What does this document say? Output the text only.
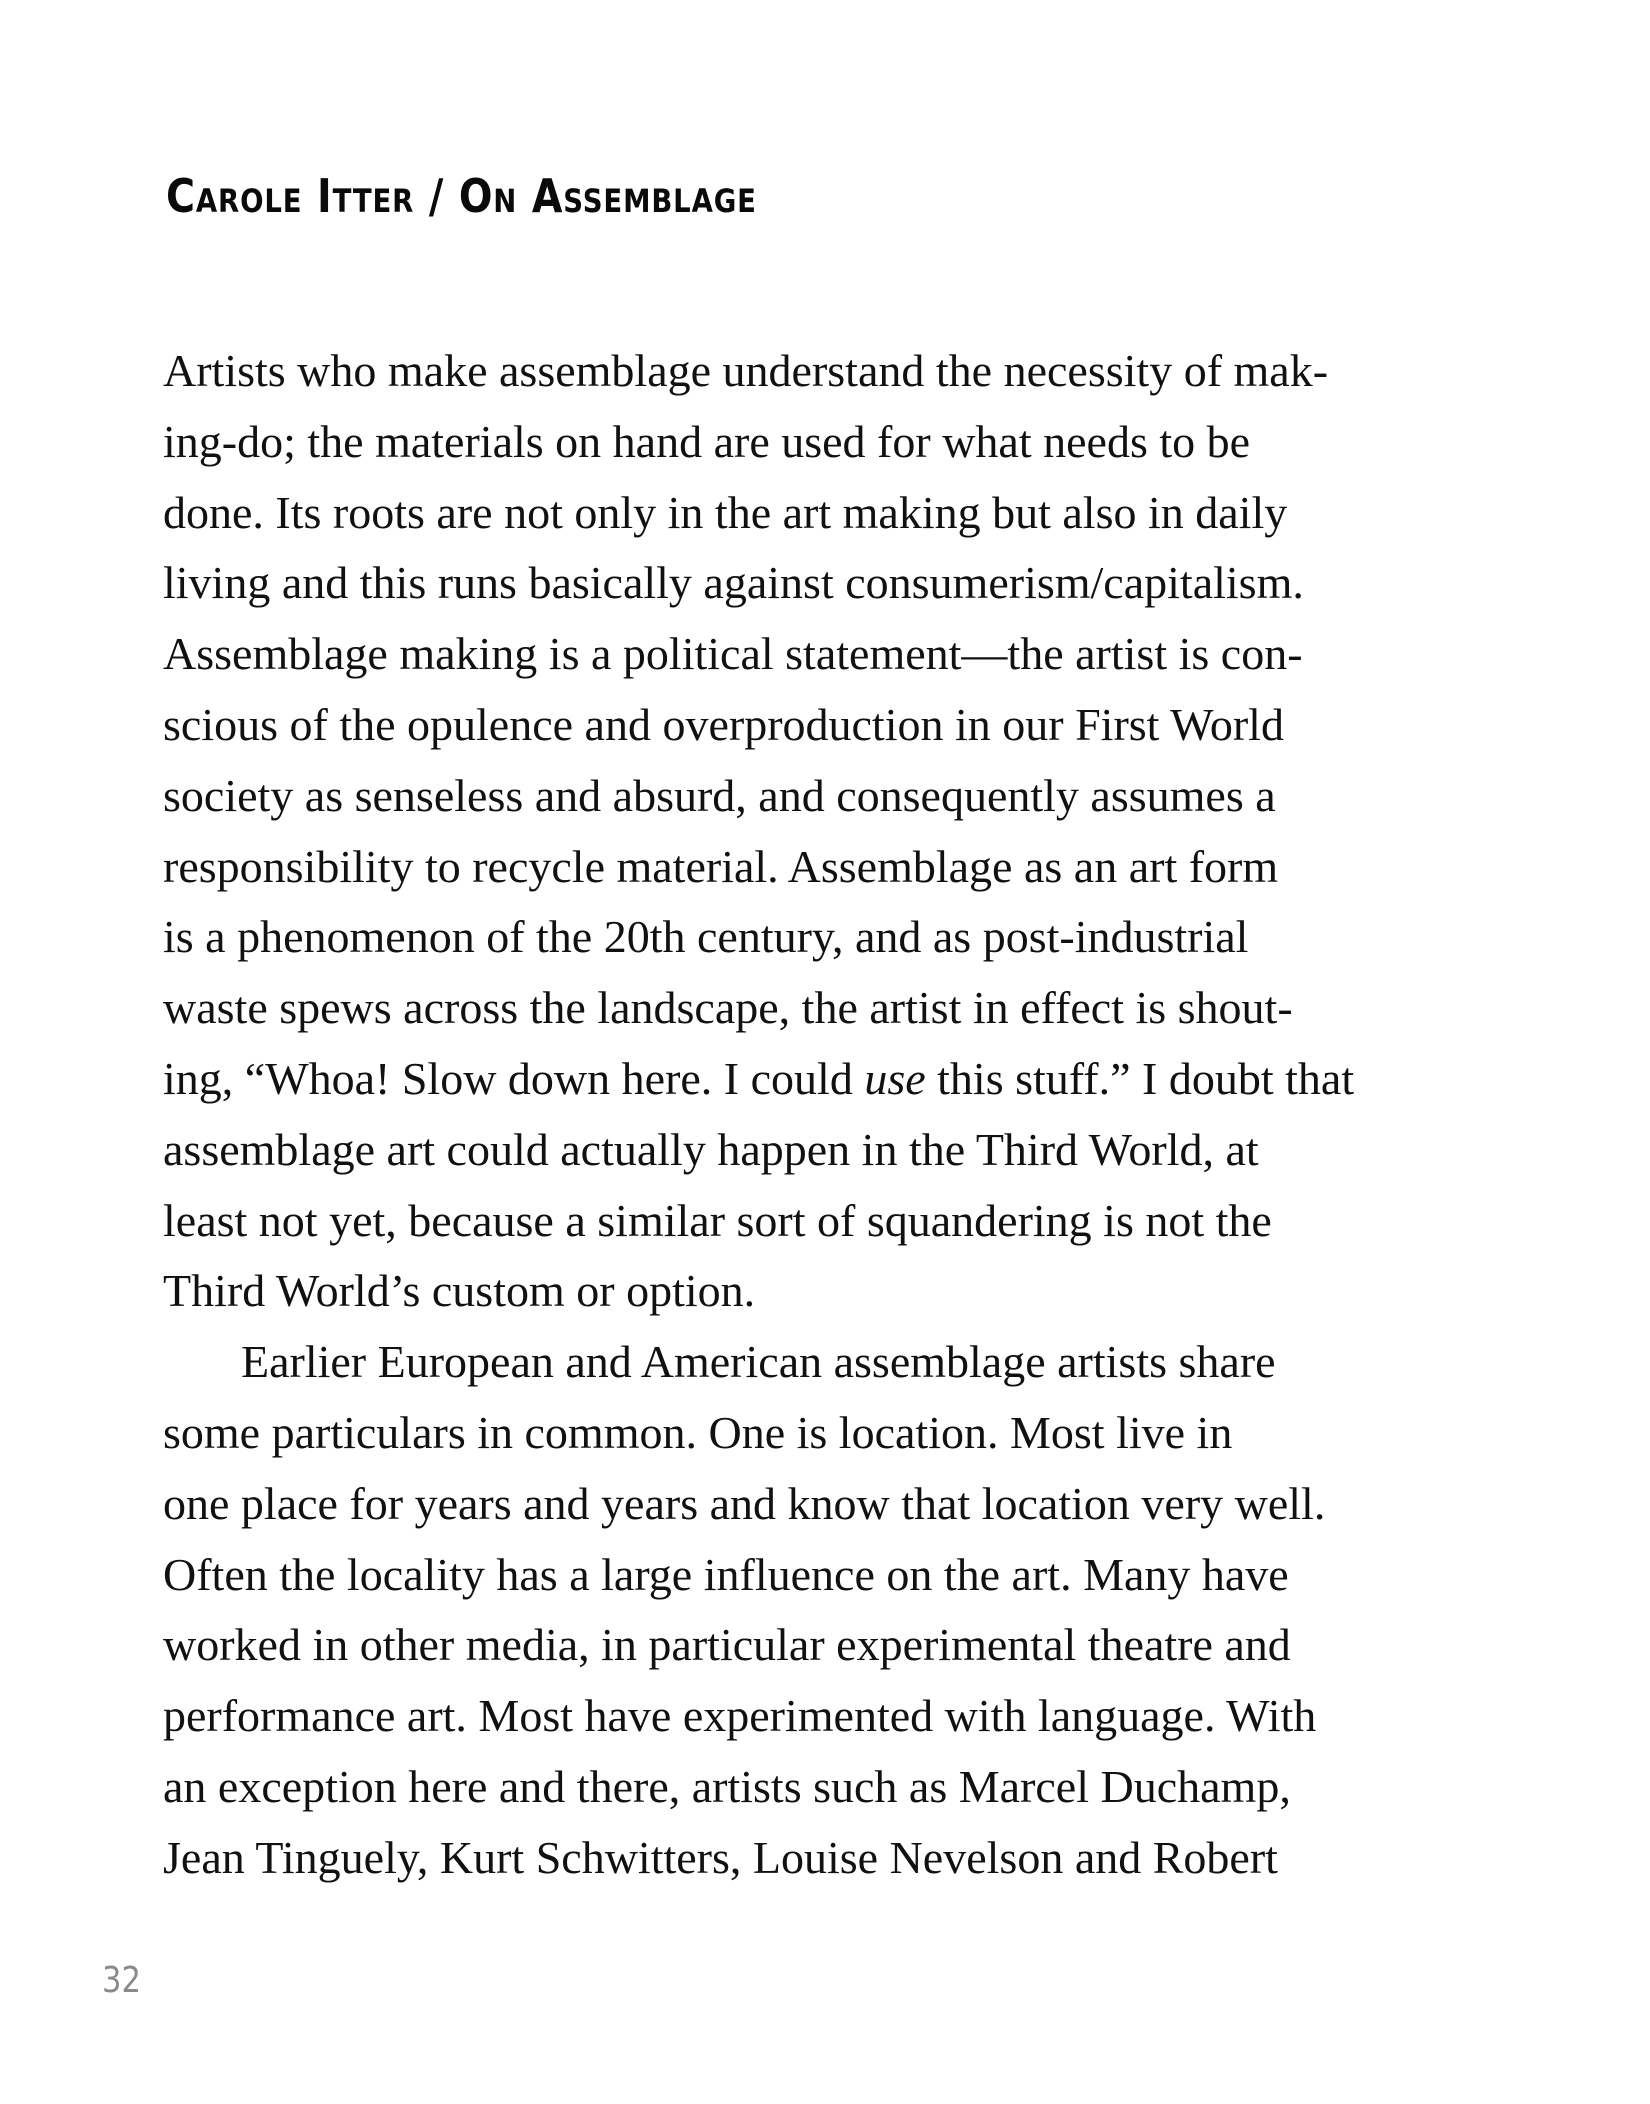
Carole Itter / On Assemblage
Artists who make assemblage understand the necessity of mak-
ing-do; the materials on hand are used for what needs to be
done. Its roots are not only in the art making but also in daily
living and this runs basically against consumerism/capitalism.
Assemblage making is a political statement—the artist is con-
scious of the opulence and overproduction in our First World
society as senseless and absurd, and consequently assumes a
responsibility to recycle material. Assemblage as an art form
is a phenomenon of the 20th century, and as post-industrial
waste spews across the landscape, the artist in effect is shout-
ing, “Whoa! Slow down here. I could use this stuff.” I doubt that
assemblage art could actually happen in the Third World, at
least not yet, because a similar sort of squandering is not the
Third World’s custom or option.
Earlier European and American assemblage artists share
some particulars in common. One is location. Most live in
one place for years and years and know that location very well.
Often the locality has a large influence on the art. Many have
worked in other media, in particular experimental theatre and
performance art. Most have experimented with language. With
an exception here and there, artists such as Marcel Duchamp,
Jean Tinguely, Kurt Schwitters, Louise Nevelson and Robert
32
